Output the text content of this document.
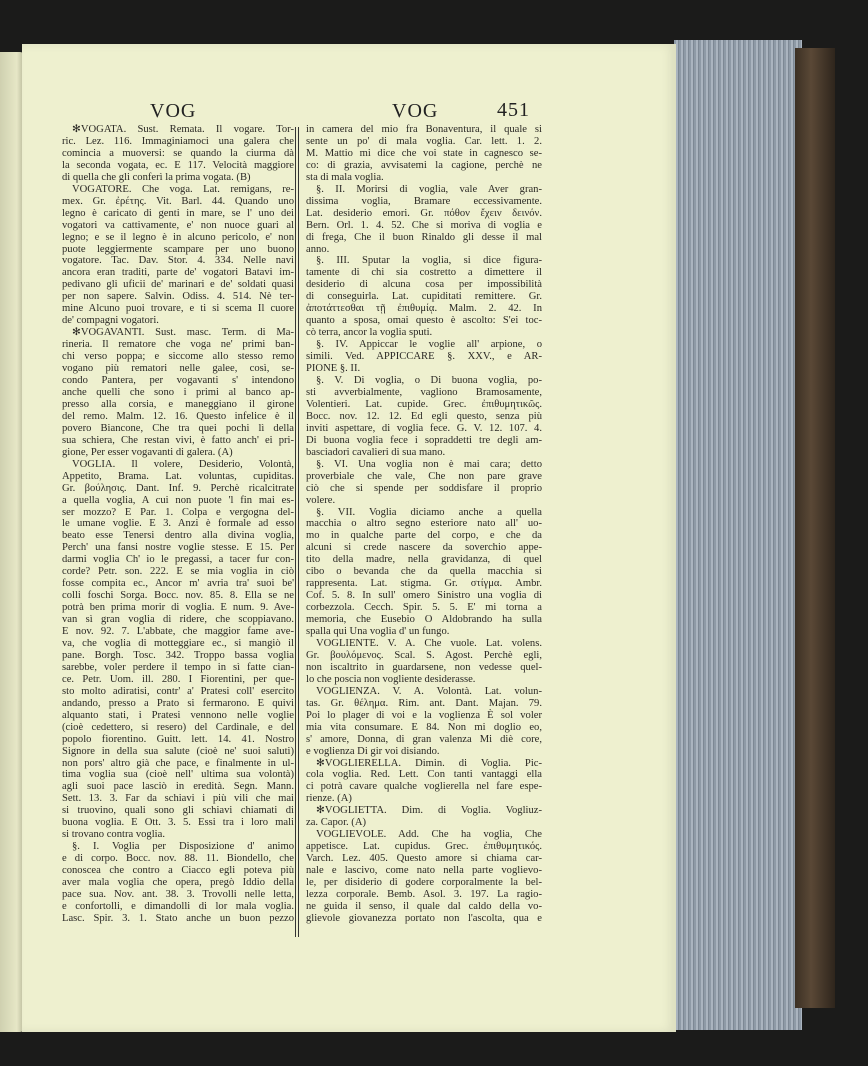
VOG	VOG	451
✻VOGATA. Sust. Remata. Il vogare. Tor-
ric. Lez. 116. Immaginiamoci una galera che
comincia a muoversi: se quando la ciurma dà
la seconda vogata, ec. E 117. Velocità maggiore
di quella che gli conferì la prima vogata. (B)
VOGATORE. Che voga. Lat. remigans, re-
mex. Gr. ἐρέτης. Vit. Barl. 44. Quando uno
legno è caricato di genti in mare, se l' uno dei
vogatori va cattivamente, e' non nuoce guari al
legno; e se il legno è in alcuno pericolo, e' non
puote leggiermente scampare per uno buono
vogatore. Tac. Dav. Stor. 4. 334. Nelle navi
ancora eran traditi, parte de' vogatori Batavi im-
pedivano gli uficii de' marinari e de' soldati quasi
per non sapere. Salvin. Odiss. 4. 514. Nè ter-
mine Alcuno puoi trovare, e ti si scema Il cuore
de' compagni vogatori.
✻VOGAVANTI. Sust. masc. Term. di Ma-
rineria. Il rematore che voga ne' primi ban-
chi verso poppa; e siccome allo stesso remo
vogano più rematori nelle galee, così, se-
condo Pantera, per vogavanti s' intendono
anche quelli che sono i primi al banco ap-
presso alla corsia, e maneggiano il girone
del remo. Malm. 12. 16. Questo infelice è il
povero Biancone, Che tra quei pochi lì della
sua schiera, Che restan vivi, è fatto anch' ei pri-
gione, Per esser vogavanti di galera. (A)
VOGLIA. Il volere, Desiderio, Volontà,
Appetito, Brama. Lat. voluntas, cupiditas.
Gr. βούλησις. Dant. Inf. 9. Perchè ricalcitrate
a quella voglia, A cui non puote 'l fin mai es-
ser mozzo? E Par. 1. Colpa e vergogna del-
le umane voglie. E 3. Anzi è formale ad esso
beato esse Tenersi dentro alla divina voglia,
Perch' una fansi nostre voglie stesse. E 15. Per
darmi voglia Ch' io le pregassi, a tacer fur con-
corde? Petr. son. 222. E se mia voglia in ciò
fosse compita ec., Ancor m' avria tra' suoi be'
colli foschi Sorga. Bocc. nov. 85. 8. Ella se ne
potrà ben prima morir di voglia. E num. 9. Ave-
van sì gran voglia di ridere, che scoppiavano.
E nov. 92. 7. L'abbate, che maggior fame ave-
va, che voglia di motteggiare ec., si mangiò il
pane. Borgh. Tosc. 342. Troppo bassa voglia
sarebbe, voler perdere il tempo in sì fatte cian-
ce. Petr. Uom. ill. 280. I Fiorentini, per que-
sto molto adiratisi, contr' a' Pratesi coll' esercito
andando, presso a Prato si fermarono. E quivi
alquanto stati, i Pratesi vennono nelle voglie
(cioè cedettero, si resero) del Cardinale, e del
popolo fiorentino. Guitt. lett. 14. 41. Nostro
Signore in della sua salute (cioè ne' suoi saluti)
non pors' altro già che pace, e finalmente in ul-
tima voglia sua (cioè nell' ultima sua volontà)
agli suoi pace lasciò in eredità. Segn. Mann.
Sett. 13. 3. Far da schiavi i più vili che mai
si truovino, quali sono gli schiavi chiamati di
buona voglia. E Ott. 3. 5. Essi tra i loro mali
si trovano contra voglia.
§. I. Voglia per Disposizione d' animo
e di corpo. Bocc. nov. 88. 11. Biondello, che
conoscea che contro a Ciacco egli poteva più
aver mala voglia che opera, pregò Iddio della
pace sua. Nov. ant. 38. 3. Trovolli nelle letta,
e confortolli, e dimandolli di lor mala voglia.
Lasc. Spir. 3. 1. Stato anche un buon pezzo
in camera del mio fra Bonaventura, il quale si
sente un po' di mala voglia. Car. lett. 1. 2.
M. Mattio mi dice che voi state in cagnesco se-
co: di grazia, avvisatemi la cagione, perchè ne
sta di mala voglia.
§. II. Morirsi di voglia, vale Aver gran-
dissima voglia, Bramare eccessivamente.
Lat. desiderio emori. Gr. πόθον ἔχειν δεινόν.
Bern. Orl. 1. 4. 52. Che si moriva di voglia e
di frega, Che il buon Rinaldo gli desse il mal
anno.
§. III. Sputar la voglia, si dice figura-
tamente di chi sia costretto a dimettere il
desiderio di alcuna cosa per impossibilità
di conseguirla. Lat. cupiditati remittere. Gr.
ἀποτάττεσθαι τῇ ἐπιθυμίᾳ. Malm. 2. 42. In
quanto a sposa, omai questo è ascolto: S'ei toc-
cò terra, ancor la voglia sputi.
§. IV. Appiccar le voglie all' arpione, o
simili. Ved. APPICCARE §. XXV., e AR-
PIONE §. II.
§. V. Di voglia, o Di buona voglia, po-
sti avverbialmente, vagliono Bramosamente,
Volentieri. Lat. cupide. Grec. ἐπιθυμητικῶς.
Bocc. nov. 12. 12. Ed egli questo, senza più
inviti aspettare, di voglia fece. G. V. 12. 107. 4.
Di buona voglia fece i sopraddetti tre degli am-
basciadori cavalieri di sua mano.
§. VI. Una voglia non è mai cara; detto
proverbiale che vale, Che non pare grave
ciò che si spende per soddisfare il proprio
volere.
§. VII. Voglia diciamo anche a quella
macchia o altro segno esteriore nato all' uo-
mo in qualche parte del corpo, e che da
alcuni si crede nascere da soverchio appe-
tito della madre, nella gravidanza, di quel
cibo o bevanda che da quella macchia si
rappresenta. Lat. stigma. Gr. στίγμα. Ambr.
Cof. 5. 8. In sull' omero Sinistro una voglia di
corbezzola. Cecch. Spir. 5. 5. E' mi torna a
memoria, che Eusebio O Aldobrando ha sulla
spalla qui Una voglia d' un fungo.
VOGLIENTE. V. A. Che vuole. Lat. volens.
Gr. βουλόμενος. Scal. S. Agost. Perchè egli,
non iscaltrito in guardarsene, non vedesse quel-
lo che poscia non vogliente desiderasse.
VOGLIENZA. V. A. Volontà. Lat. volun-
tas. Gr. θέλημα. Rim. ant. Dant. Majan. 79.
Poi lo plager di voi e la voglienza È sol voler
mia vita consumare. E 84. Non mi doglio eo,
s' amore, Donna, di gran valenza Mi diè core,
e voglienza Di gir voi disiando.
✻VOGLIERELLA. Dimin. di Voglia. Pic-
cola voglia. Red. Lett. Con tanti vantaggi ella
ci potrà cavare qualche voglierella nel fare espe-
rienze. (A)
✻VOGLIETTA. Dim. di Voglia. Vogliuz-
za. Capor. (A)
VOGLIEVOLE. Add. Che ha voglia, Che
appetisce. Lat. cupidus. Grec. ἐπιθυμητικός.
Varch. Lez. 405. Questo amore si chiama car-
nale e lascivo, come nato nella parte voglievo-
le, per disiderio di godere corporalmente la bel-
lezza corporale. Bemb. Asol. 3. 197. La ragio-
ne guida il senso, il quale dal caldo della vo-
glievole giovanezza portato non l'ascolta, qua e
